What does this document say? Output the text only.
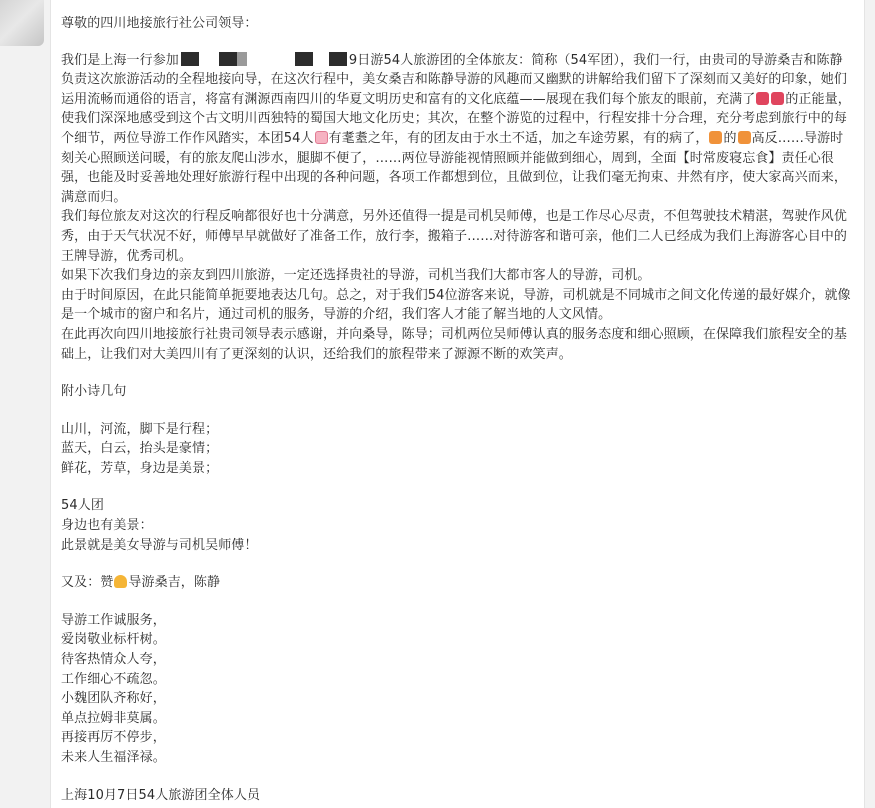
尊敬的四川地接旅行社公司领导：

我们是上海一行参加	9日游54人旅游团的全体旅友：简称（54军团），我们一行，由贵司的导游桑吉和陈静负责这次旅游活动的全程地接向导，在这次行程中，美女桑吉和陈静导游的风趣而又幽默的讲解给我们留下了深刻而又美好的印象，她们运用流畅而通俗的语言，将富有渊源西南四川的华夏文明历史和富有的文化底蕴——展现在我们每个旅友的眼前，充满了 的正能量，使我们深深地感受到这个古文明川西独特的蜀国大地文化历史；其次，在整个游览的过程中，行程安排十分合理，充分考虑到旅行中的每个细节，两位导游工作作风踏实，本团54人 有耄耋之年，有的团友由于水土不适，加之车途劳累，有的病了， 的 高反……导游时刻关心照顾送问暖，有的旅友爬山涉水，腿脚不便了，……两位导游能视情照顾并能做到细心，周到，全面【时常废寝忘食】责任心很强，也能及时妥善地处理好旅游行程中出现的各种问题，各项工作都想到位，且做到位，让我们毫无拘束、井然有序，使大家高兴而来，满意而归。

我们每位旅友对这次的行程反响都很好也十分满意，另外还值得一提是司机吴师傅，也是工作尽心尽责，不但驾驶技术精湛，驾驶作风优秀，由于天气状况不好，师傅早早就做好了准备工作，放行李，搬箱子……对待游客和谐可亲，他们二人已经成为我们上海游客心目中的王牌导游，优秀司机。

如果下次我们身边的亲友到四川旅游，一定还选择贵社的导游，司机当我们大都市客人的导游，司机。

由于时间原因，在此只能简单扼要地表达几句。总之，对于我们54位游客来说，导游，司机就是不同城市之间文化传递的最好媒介，就像是一个城市的窗户和名片，通过司机的服务，导游的介绍，我们客人才能了解当地的人文风情。

在此再次向四川地接旅行社贵司领导表示感谢，并向桑导，陈导；司机两位吴师傅认真的服务态度和细心照顾，在保障我们旅程安全的基础上，让我们对大美四川有了更深刻的认识，还给我们的旅程带来了源源不断的欢笑声。

附小诗几句

山川，河流，脚下是行程；

蓝天，白云，抬头是豪情；

鲜花，芳草，身边是美景；

54人团

身边也有美景：

此景就是美女导游与司机吴师傅！

又及：赞 导游桑吉，陈静

导游工作诚服务，

爱岗敬业标杆树。

待客热情众人夸，

工作细心不疏忽。

小魏团队齐称好，

单点拉姆非莫属。

再接再厉不停步，

未来人生福泽禄。

上海10月7日54人旅游团全体人员
